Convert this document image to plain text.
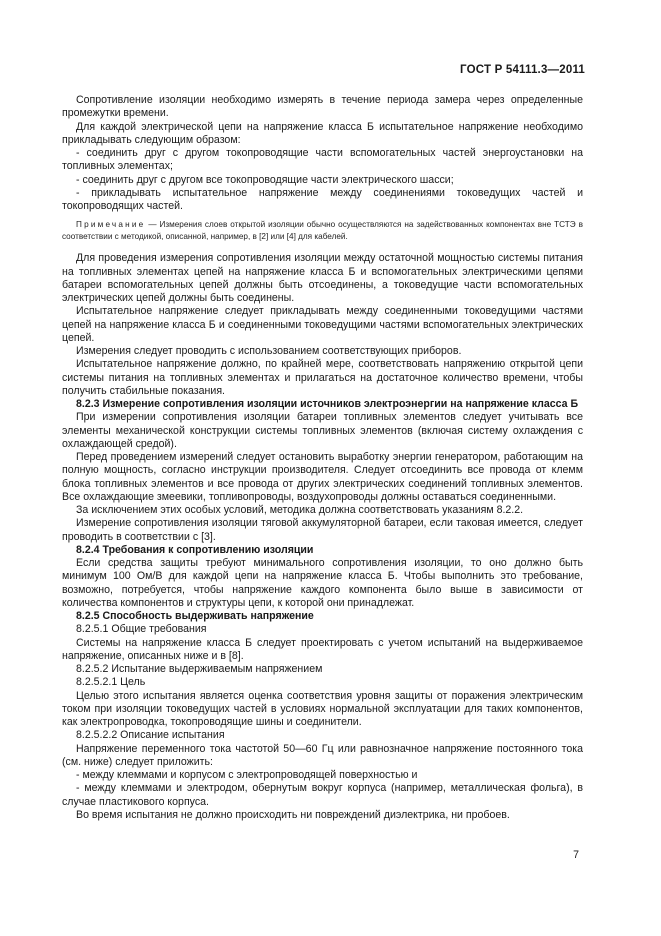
ГОСТ Р 54111.3—2011

Сопротивление изоляции необходимо измерять в течение периода замера через определенные промежутки времени.

Для каждой электрической цепи на напряжение класса Б испытательное напряжение необходимо прикладывать следующим образом:

- соединить друг с другом токопроводящие части вспомогательных частей энергоустановки на топливных элементах;

- соединить друг с другом все токопроводящие части электрического шасси;

- прикладывать испытательное напряжение между соединениями токоведущих частей и токопроводящих частей.

Примечание — Измерения слоев открытой изоляции обычно осуществляются на задействованных компонентах вне ТСТЭ в соответствии с методикой, описанной, например, в [2] или [4] для кабелей.

Для проведения измерения сопротивления изоляции между остаточной мощностью системы питания на топливных элементах цепей на напряжение класса Б и вспомогательных электрическими цепями батареи вспомогательных цепей должны быть отсоединены, а токоведущие части вспомогательных электрических цепей должны быть соединены.

Испытательное напряжение следует прикладывать между соединенными токоведущими частями цепей на напряжение класса Б и соединенными токоведущими частями вспомогательных электрических цепей.

Измерения следует проводить с использованием соответствующих приборов.

Испытательное напряжение должно, по крайней мере, соответствовать напряжению открытой цепи системы питания на топливных элементах и прилагаться на достаточное количество времени, чтобы получить стабильные показания.

8.2.3 Измерение сопротивления изоляции источников электроэнергии на напряжение класса Б

При измерении сопротивления изоляции батареи топливных элементов следует учитывать все элементы механической конструкции системы топливных элементов (включая систему охлаждения с охлаждающей средой).

Перед проведением измерений следует остановить выработку энергии генератором, работающим на полную мощность, согласно инструкции производителя. Следует отсоединить все провода от клемм блока топливных элементов и все провода от других электрических соединений топливных элементов. Все охлаждающие змеевики, топливопроводы, воздухопроводы должны оставаться соединенными.

За исключением этих особых условий, методика должна соответствовать указаниям 8.2.2.

Измерение сопротивления изоляции тяговой аккумуляторной батареи, если таковая имеется, следует проводить в соответствии с [3].

8.2.4 Требования к сопротивлению изоляции

Если средства защиты требуют минимального сопротивления изоляции, то оно должно быть минимум 100 Ом/В для каждой цепи на напряжение класса Б. Чтобы выполнить это требование, возможно, потребуется, чтобы напряжение каждого компонента было выше в зависимости от количества компонентов и структуры цепи, к которой они принадлежат.

8.2.5 Способность выдерживать напряжение

8.2.5.1 Общие требования

Системы на напряжение класса Б следует проектировать с учетом испытаний на выдерживаемое напряжение, описанных ниже и в [8].

8.2.5.2 Испытание выдерживаемым напряжением

8.2.5.2.1 Цель

Целью этого испытания является оценка соответствия уровня защиты от поражения электрическим током при изоляции токоведущих частей в условиях нормальной эксплуатации для таких компонентов, как электропроводка, токопроводящие шины и соединители.

8.2.5.2.2 Описание испытания

Напряжение переменного тока частотой 50—60 Гц или равнозначное напряжение постоянного тока (см. ниже) следует приложить:

- между клеммами и корпусом с электропроводящей поверхностью и

- между клеммами и электродом, обернутым вокруг корпуса (например, металлическая фольга), в случае пластикового корпуса.

Во время испытания не должно происходить ни повреждений диэлектрика, ни пробоев.

7
